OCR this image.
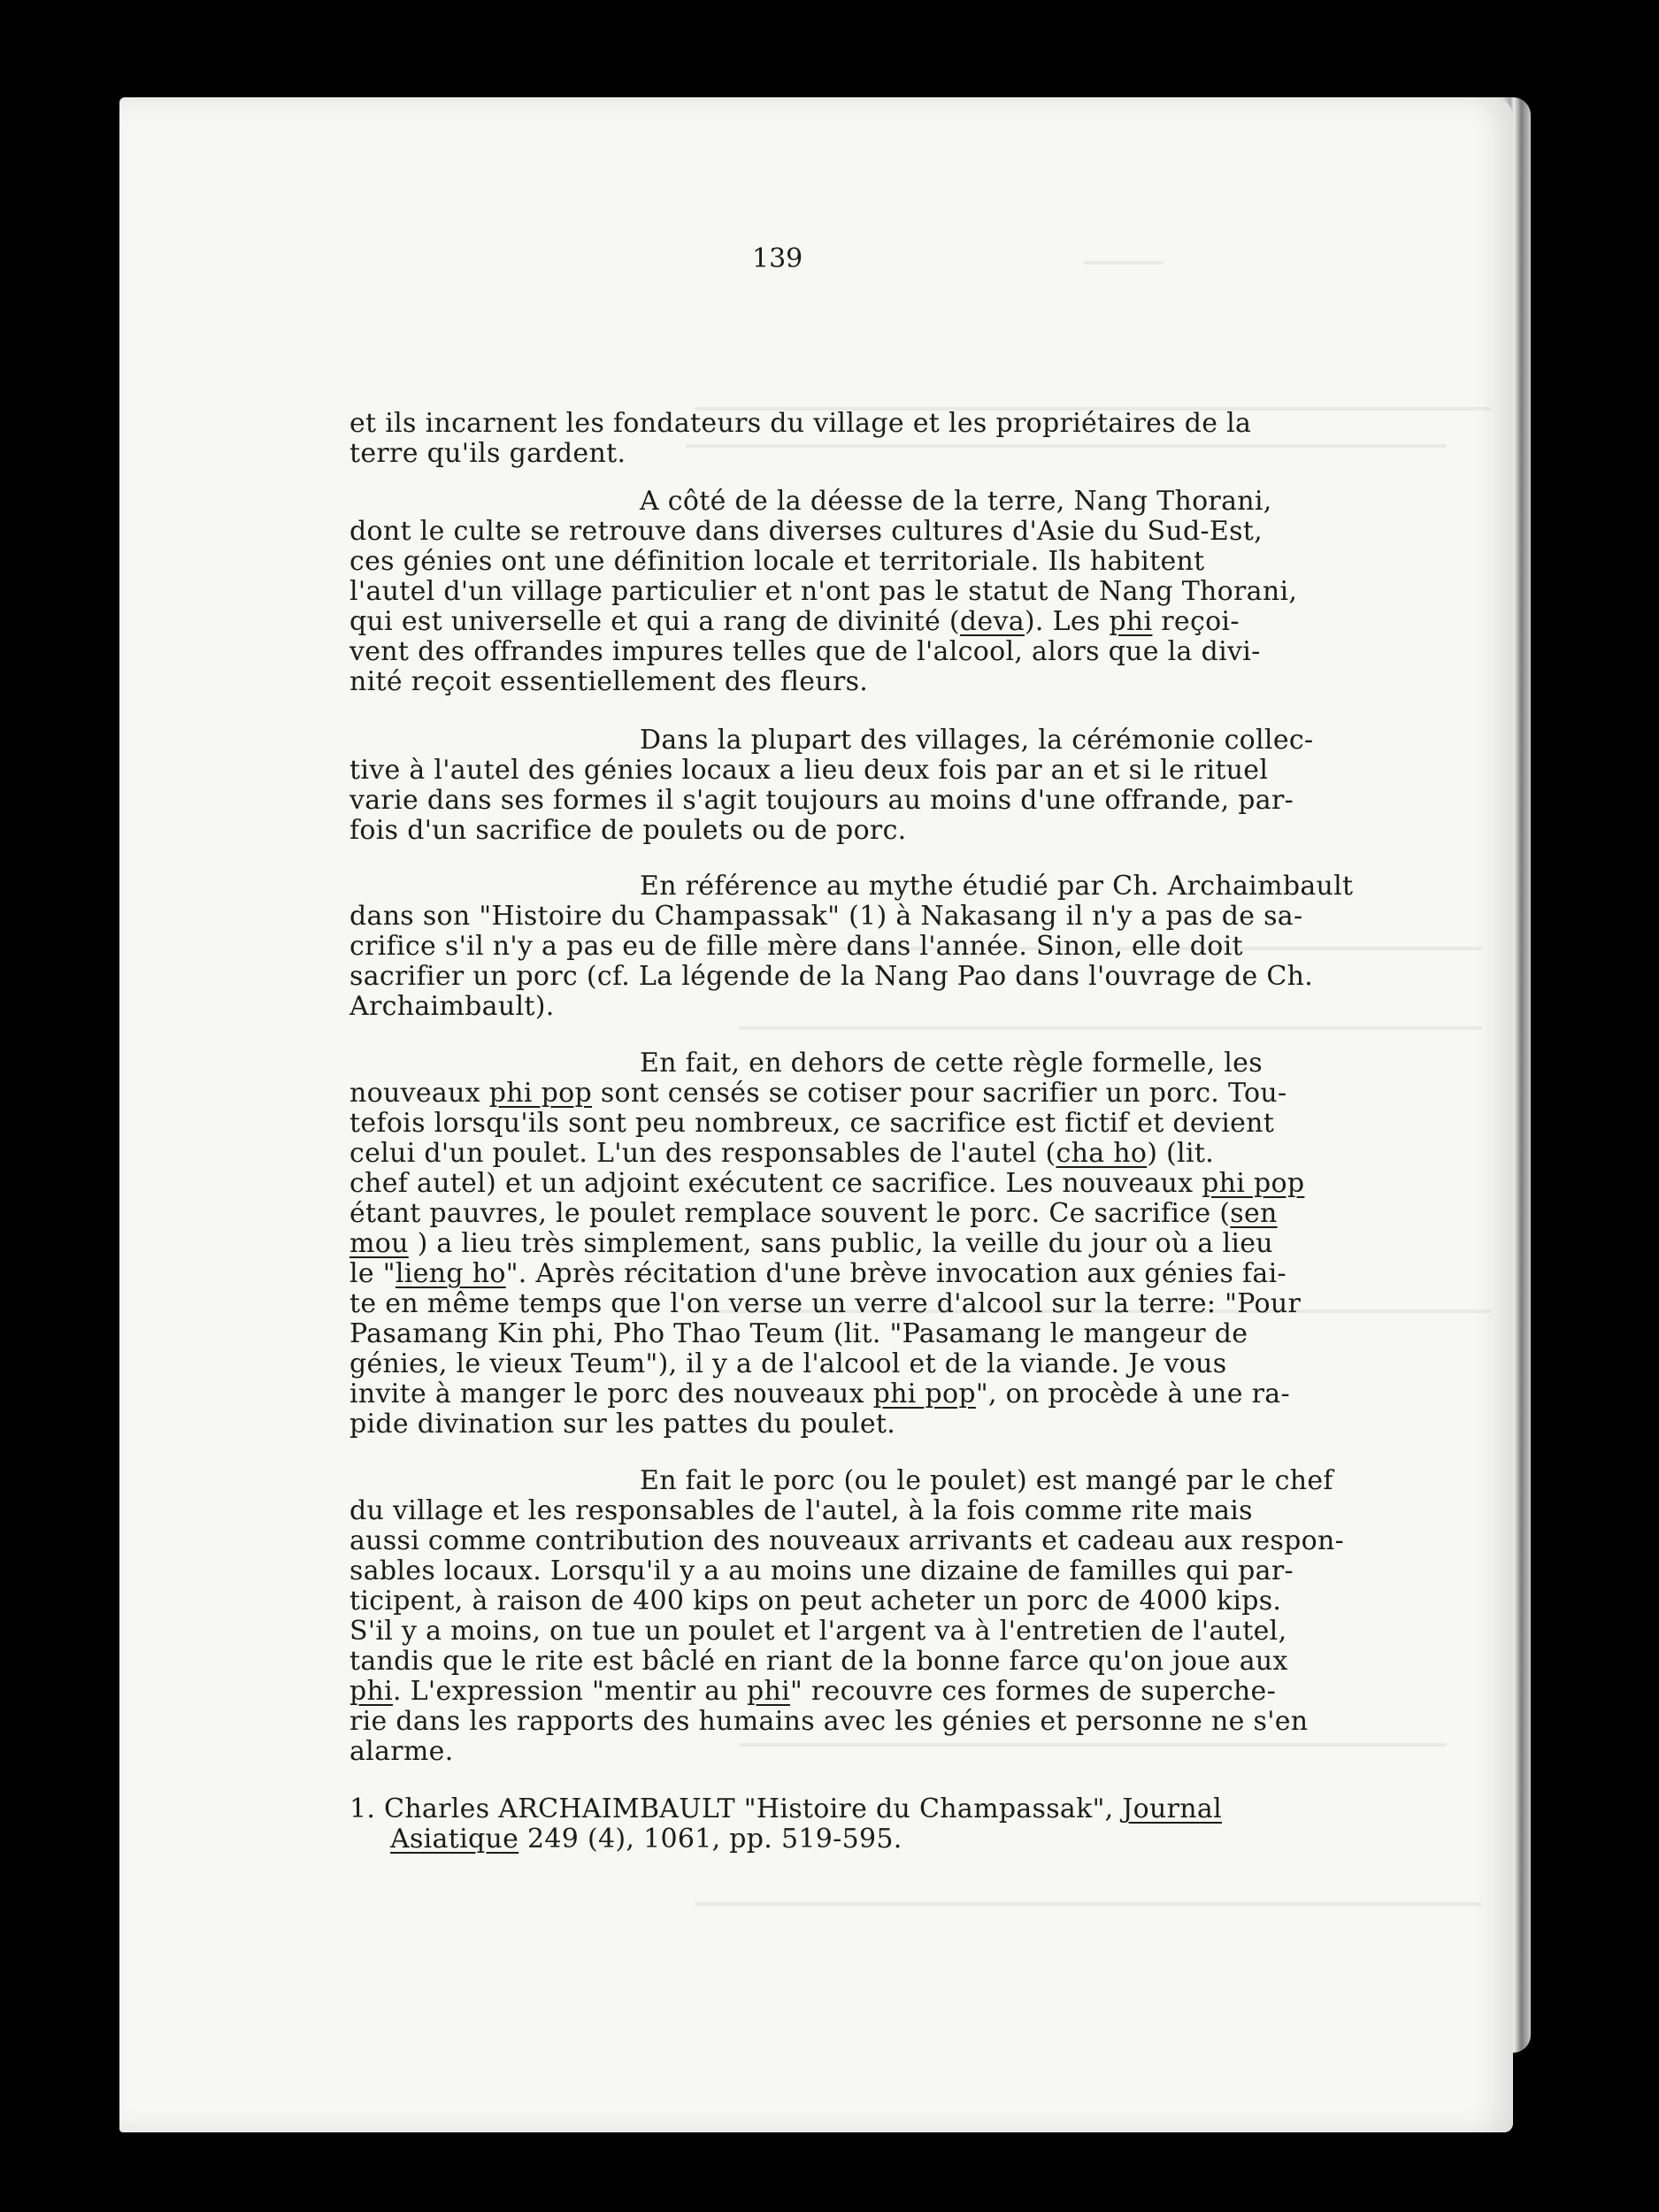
139
et ils incarnent les fondateurs du village et les propriétaires de la
terre qu'ils gardent.
A côté de la déesse de la terre, Nang Thorani,
dont le culte se retrouve dans diverses cultures d'Asie du Sud-Est,
ces génies ont une définition locale et territoriale. Ils habitent
l'autel d'un village particulier et n'ont pas le statut de Nang Thorani,
qui est universelle et qui a rang de divinité (deva). Les phi reçoi-
vent des offrandes impures telles que de l'alcool, alors que la divi-
nité reçoit essentiellement des fleurs.
Dans la plupart des villages, la cérémonie collec-
tive à l'autel des génies locaux a lieu deux fois par an et si le rituel
varie dans ses formes il s'agit toujours au moins d'une offrande, par-
fois d'un sacrifice de poulets ou de porc.
En référence au mythe étudié par Ch. Archaimbault
dans son "Histoire du Champassak" (1) à Nakasang il n'y a pas de sa-
crifice s'il n'y a pas eu de fille mère dans l'année. Sinon, elle doit
sacrifier un porc (cf. La légende de la Nang Pao dans l'ouvrage de Ch.
Archaimbault).
En fait, en dehors de cette règle formelle, les
nouveaux phi pop sont censés se cotiser pour sacrifier un porc. Tou-
tefois lorsqu'ils sont peu nombreux, ce sacrifice est fictif et devient
celui d'un poulet. L'un des responsables de l'autel (cha ho) (lit.
chef autel) et un adjoint exécutent ce sacrifice. Les nouveaux phi pop
étant pauvres, le poulet remplace souvent le porc. Ce sacrifice (sen
mou ) a lieu très simplement, sans public, la veille du jour où a lieu
le "lieng ho". Après récitation d'une brève invocation aux génies fai-
te en même temps que l'on verse un verre d'alcool sur la terre: "Pour
Pasamang Kin phi, Pho Thao Teum (lit. "Pasamang le mangeur de
génies, le vieux Teum"), il y a de l'alcool et de la viande. Je vous
invite à manger le porc des nouveaux phi pop", on procède à une ra-
pide divination sur les pattes du poulet.
En fait le porc (ou le poulet) est mangé par le chef
du village et les responsables de l'autel, à la fois comme rite mais
aussi comme contribution des nouveaux arrivants et cadeau aux respon-
sables locaux. Lorsqu'il y a au moins une dizaine de familles qui par-
ticipent, à raison de 400 kips on peut acheter un porc de 4000 kips.
S'il y a moins, on tue un poulet et l'argent va à l'entretien de l'autel,
tandis que le rite est bâclé en riant de la bonne farce qu'on joue aux
phi. L'expression "mentir au phi" recouvre ces formes de superche-
rie dans les rapports des humains avec les génies et personne ne s'en
alarme.
1. Charles ARCHAIMBAULT "Histoire du Champassak", Journal
Asiatique 249 (4), 1061, pp. 519-595.
